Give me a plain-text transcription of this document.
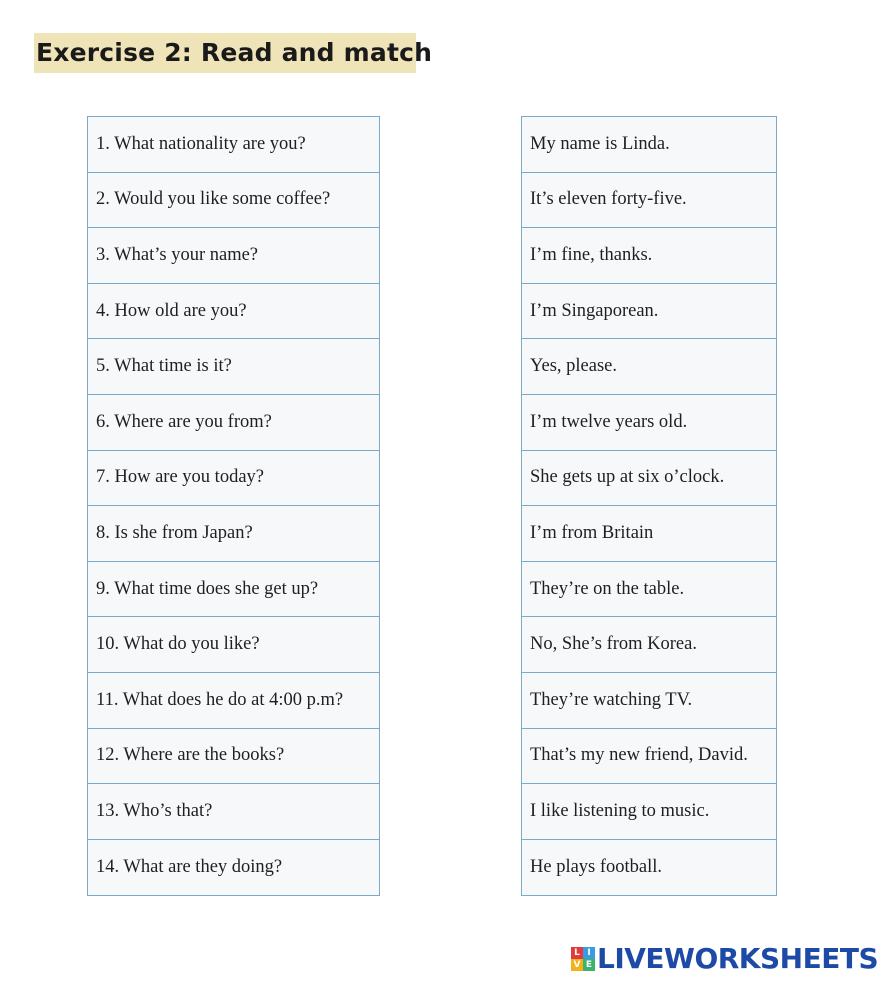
Exercise 2: Read and match
1. What nationality are you?
2. Would you like some coffee?
3. What’s your name?
4. How old are you?
5. What time is it?
6. Where are you from?
7. How are you today?
8. Is she from Japan?
9. What time does she get up?
10. What do you like?
11. What does he do at 4:00 p.m?
12. Where are the books?
13. Who’s that?
14. What are they doing?
My name is Linda.
It’s eleven forty-five.
I’m fine, thanks.
I’m Singaporean.
Yes, please.
I’m twelve years old.
She gets up at six o’clock.
I’m from Britain
They’re on the table.
No, She’s from Korea.
They’re watching TV.
That’s my new friend, David.
I like listening to music.
He plays football.
L I
V E LIVEWORKSHEETS
